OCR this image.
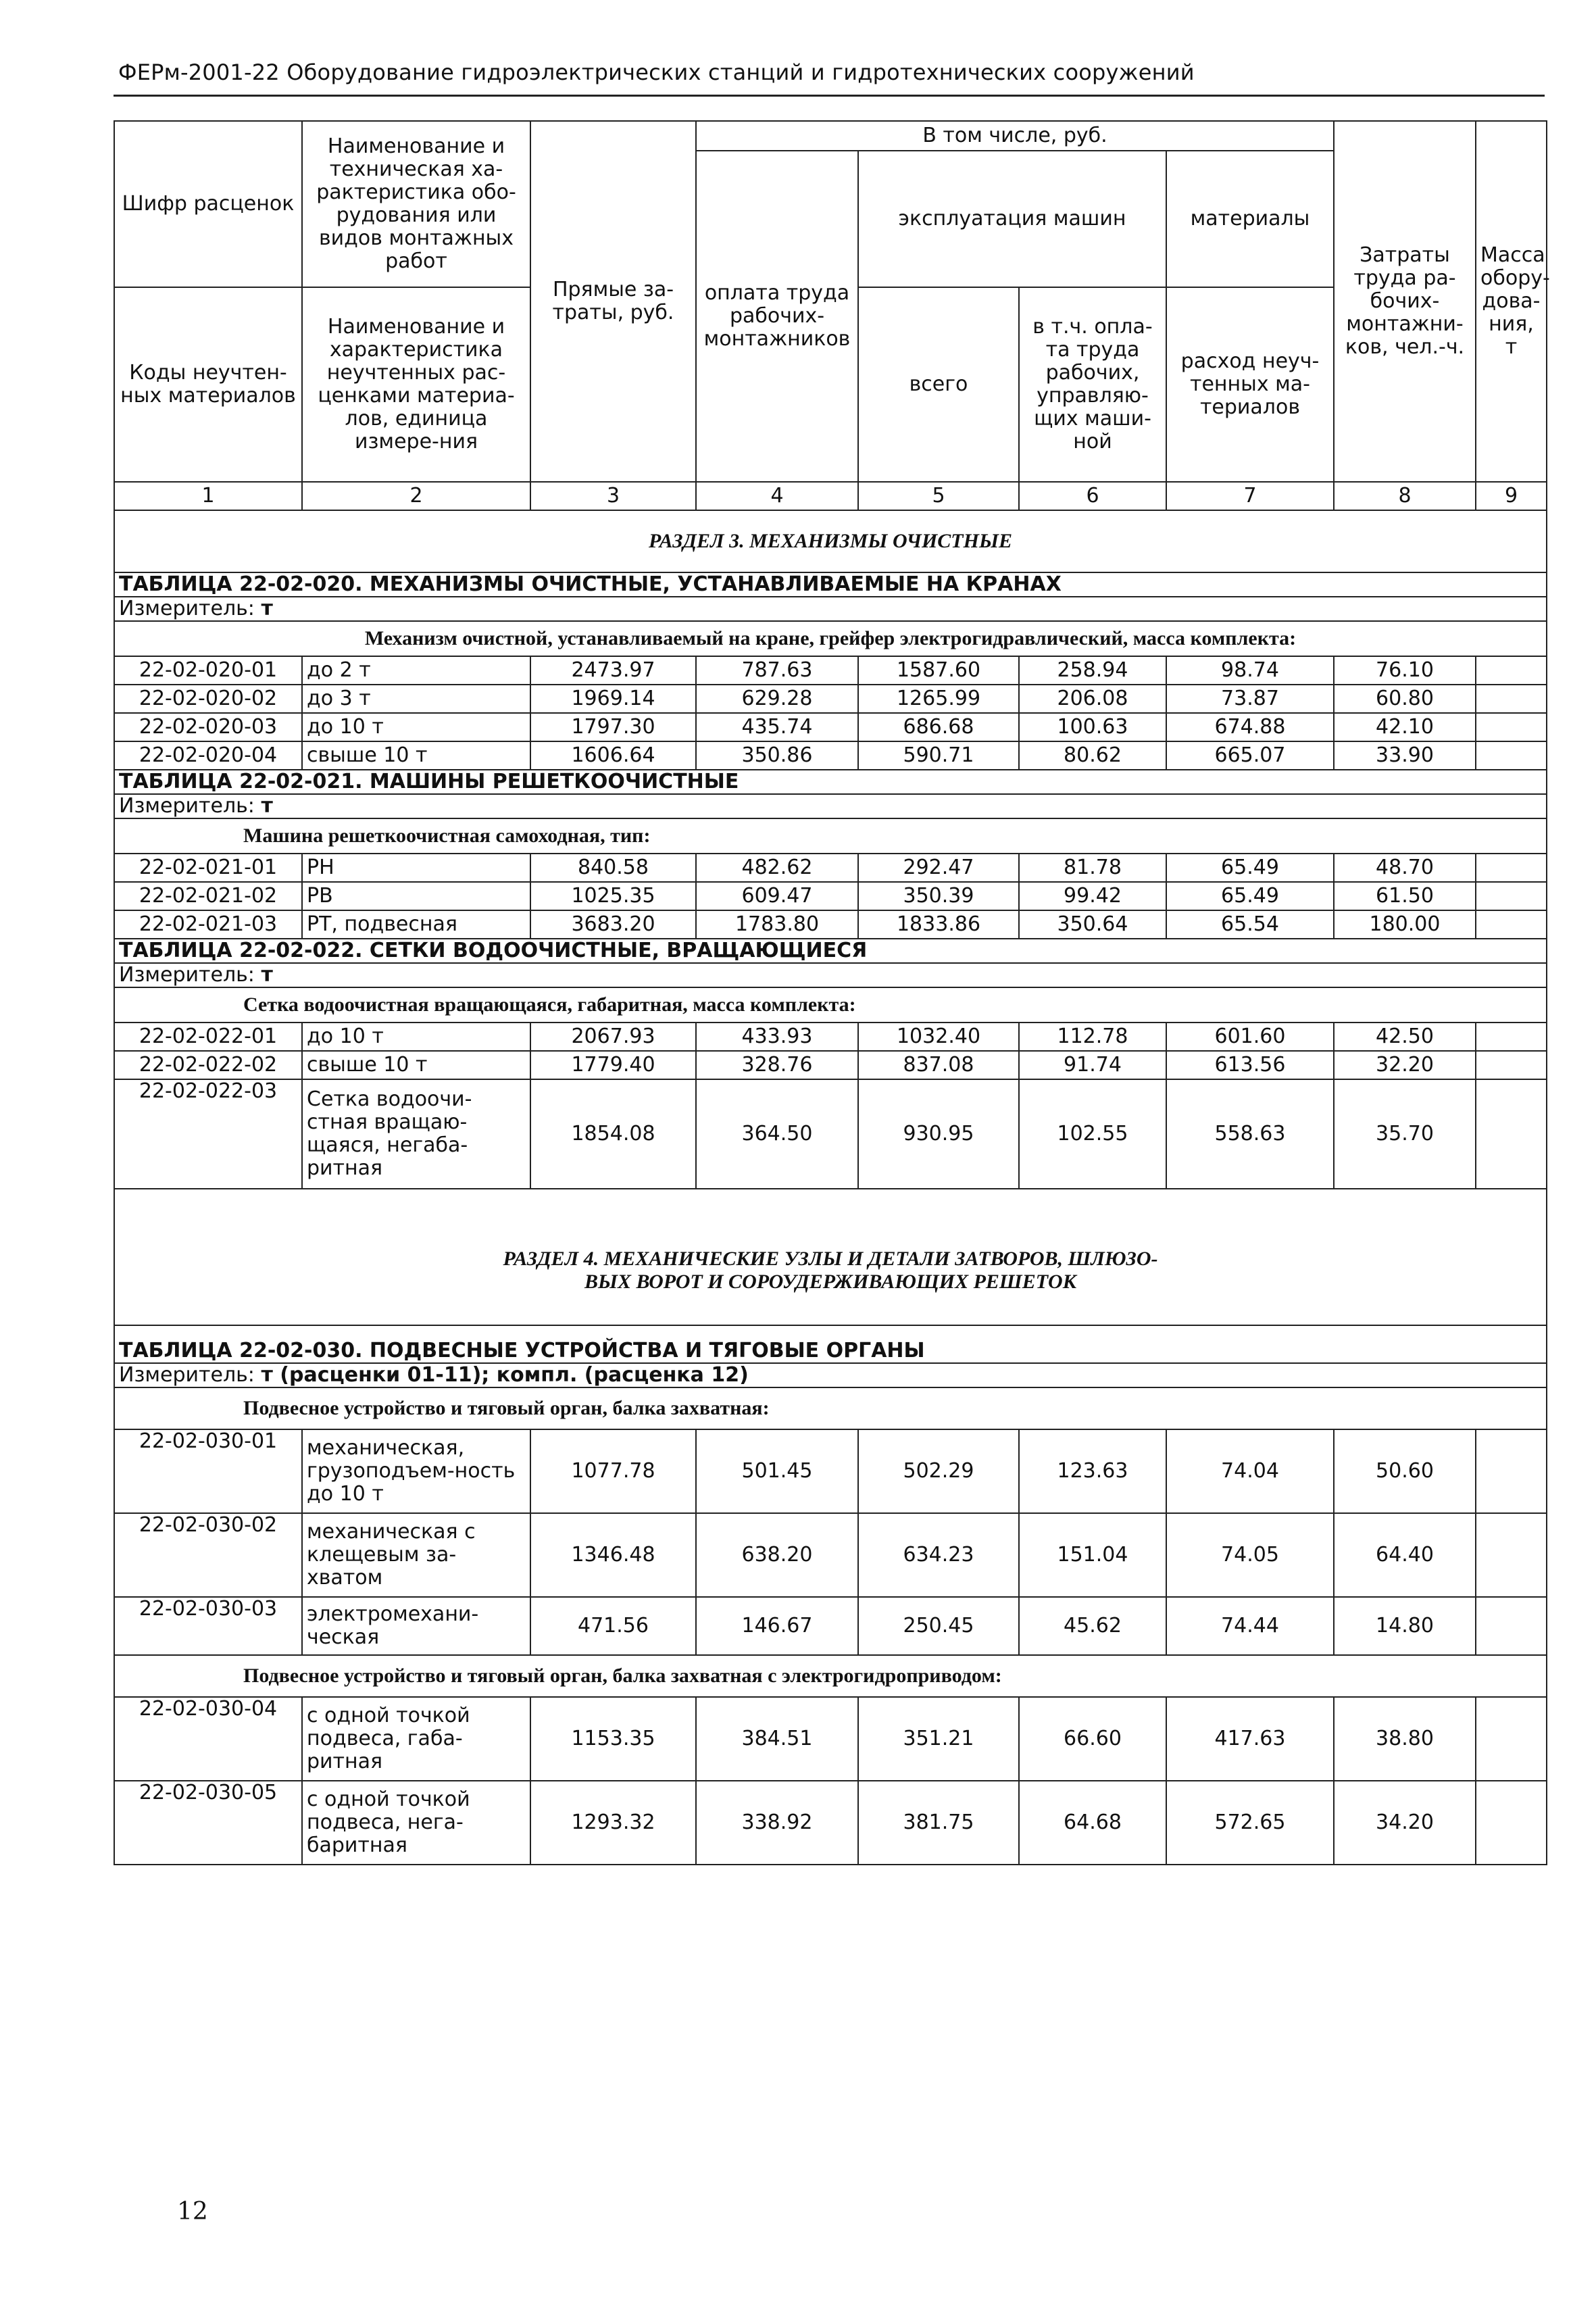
ФЕРм-2001-22 Оборудование гидроэлектрических станций и гидротехнических сооружений
Шифр расценок	Наименование и техническая ха-рактеристика обо-рудования или видов монтажных работ	Прямые за-траты, руб.	В том числе, руб.				Затраты труда ра-бочих-монтажни-ков, чел.-ч.	Масса обору-дова-ния, т
			оплата труда рабочих-монтажников	эксплуатация машин		материалы		
Коды неучтен-ных материалов	Наименование и характеристика неучтенных рас-ценками материа-лов, единица измере-ния			всего	в т.ч. опла-та труда рабочих, управляю-щих маши-ной	расход неуч-тенных ма-териалов		

1	2	3	4	5	6	7	8	9
РАЗДЕЛ 3. МЕХАНИЗМЫ ОЧИСТНЫЕ								
ТАБЛИЦА 22-02-020. МЕХАНИЗМЫ ОЧИСТНЫЕ, УСТАНАВЛИВАЕМЫЕ НА КРАНАХ								
Измеритель: т								
Механизм очистной, устанавливаемый на кране, грейфер электрогидравлический, масса комплекта:								
22-02-020-01	до 2 т	2473.97	787.63	1587.60	258.94	98.74	76.10	
22-02-020-02	до 3 т	1969.14	629.28	1265.99	206.08	73.87	60.80	
22-02-020-03	до 10 т	1797.30	435.74	686.68	100.63	674.88	42.10	
22-02-020-04	свыше 10 т	1606.64	350.86	590.71	80.62	665.07	33.90	
ТАБЛИЦА 22-02-021. МАШИНЫ РЕШЕТКООЧИСТНЫЕ								
Измеритель: т								
Машина решеткоочистная самоходная, тип:								
22-02-021-01	РН	840.58	482.62	292.47	81.78	65.49	48.70	
22-02-021-02	РВ	1025.35	609.47	350.39	99.42	65.49	61.50	
22-02-021-03	РТ, подвесная	3683.20	1783.80	1833.86	350.64	65.54	180.00	
ТАБЛИЦА 22-02-022. СЕТКИ ВОДООЧИСТНЫЕ, ВРАЩАЮЩИЕСЯ								
Измеритель: т								
Сетка водоочистная вращающаяся, габаритная, масса комплекта:								
22-02-022-01	до 10 т	2067.93	433.93	1032.40	112.78	601.60	42.50	
22-02-022-02	свыше 10 т	1779.40	328.76	837.08	91.74	613.56	32.20	
22-02-022-03	Сетка водоочи-стная вращаю-щаяся, негаба-ритная	1854.08	364.50	930.95	102.55	558.63	35.70	
РАЗДЕЛ 4. МЕХАНИЧЕСКИЕ УЗЛЫ И ДЕТАЛИ ЗАТВОРОВ, ШЛЮЗО-
ВЫХ ВОРОТ И СОРОУДЕРЖИВАЮЩИХ РЕШЕТОК								
ТАБЛИЦА 22-02-030. ПОДВЕСНЫЕ УСТРОЙСТВА И ТЯГОВЫЕ ОРГАНЫ								
Измеритель: т (расценки 01-11); компл. (расценка 12)								
Подвесное устройство и тяговый орган, балка захватная:								
22-02-030-01	механическая, грузоподъем-ность до 10 т	1077.78	501.45	502.29	123.63	74.04	50.60	
22-02-030-02	механическая с клещевым за-хватом	1346.48	638.20	634.23	151.04	74.05	64.40	
22-02-030-03	электромехани-ческая	471.56	146.67	250.45	45.62	74.44	14.80	
Подвесное устройство и тяговый орган, балка захватная с электрогидроприводом:								
22-02-030-04	с одной точкой подвеса, габа-ритная	1153.35	384.51	351.21	66.60	417.63	38.80	
22-02-030-05	с одной точкой подвеса, нега-баритная	1293.32	338.92	381.75	64.68	572.65	34.20	
12
